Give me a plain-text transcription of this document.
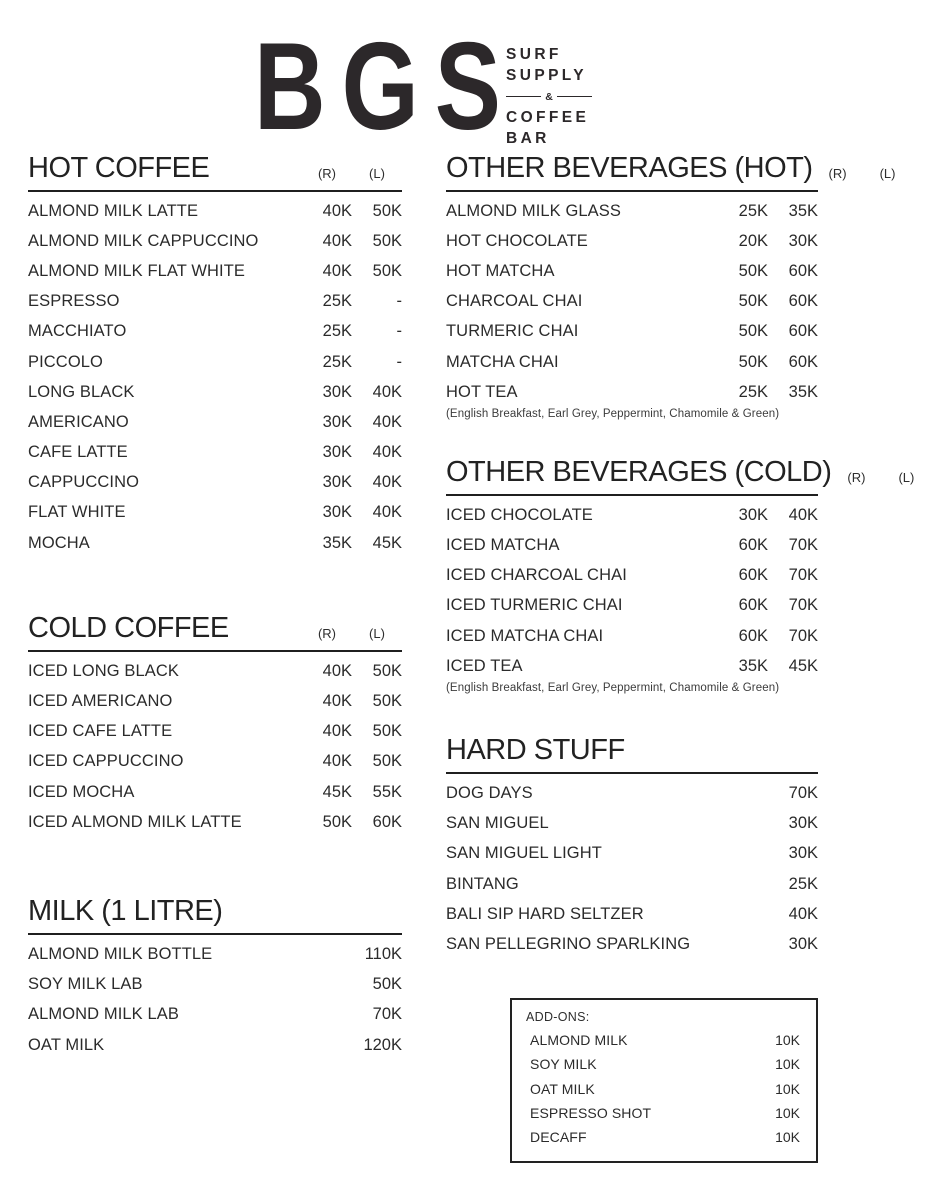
BGS
SURF
SUPPLY
&
COFFEE
BAR
HOT COFFEE	(R)	(L)
ALMOND MILK LATTE	40K	50K
ALMOND MILK CAPPUCCINO	40K	50K
ALMOND MILK FLAT WHITE	40K	50K
ESPRESSO	25K	-
MACCHIATO	25K	-
PICCOLO	25K	-
LONG BLACK	30K	40K
AMERICANO	30K	40K
CAFE LATTE	30K	40K
CAPPUCCINO	30K	40K
FLAT WHITE	30K	40K
MOCHA	35K	45K
COLD COFFEE	(R)	(L)
ICED LONG BLACK	40K	50K
ICED AMERICANO	40K	50K
ICED CAFE LATTE	40K	50K
ICED CAPPUCCINO	40K	50K
ICED MOCHA	45K	55K
ICED ALMOND MILK LATTE	50K	60K
MILK (1 LITRE)
ALMOND MILK BOTTLE	110K
SOY MILK LAB	50K
ALMOND MILK LAB	70K
OAT MILK	120K
OTHER BEVERAGES (HOT)	(R)	(L)
ALMOND MILK GLASS	25K	35K
HOT CHOCOLATE	20K	30K
HOT MATCHA	50K	60K
CHARCOAL CHAI	50K	60K
TURMERIC CHAI	50K	60K
MATCHA CHAI	50K	60K
HOT TEA	25K	35K

(English Breakfast, Earl Grey, Peppermint, Chamomile & Green)

OTHER BEVERAGES (COLD)	(R)	(L)
ICED CHOCOLATE	30K	40K
ICED MATCHA	60K	70K
ICED CHARCOAL CHAI	60K	70K
ICED TURMERIC CHAI	60K	70K
ICED MATCHA CHAI	60K	70K
ICED TEA	35K	45K

(English Breakfast, Earl Grey, Peppermint, Chamomile & Green)

HARD STUFF
DOG DAYS	70K
SAN MIGUEL	30K
SAN MIGUEL LIGHT	30K
BINTANG	25K
BALI SIP HARD SELTZER	40K
SAN PELLEGRINO SPARLKING	30K
ADD-ONS:
ALMOND MILK	10K
SOY MILK	10K
OAT MILK	10K
ESPRESSO SHOT	10K
DECAFF	10K
